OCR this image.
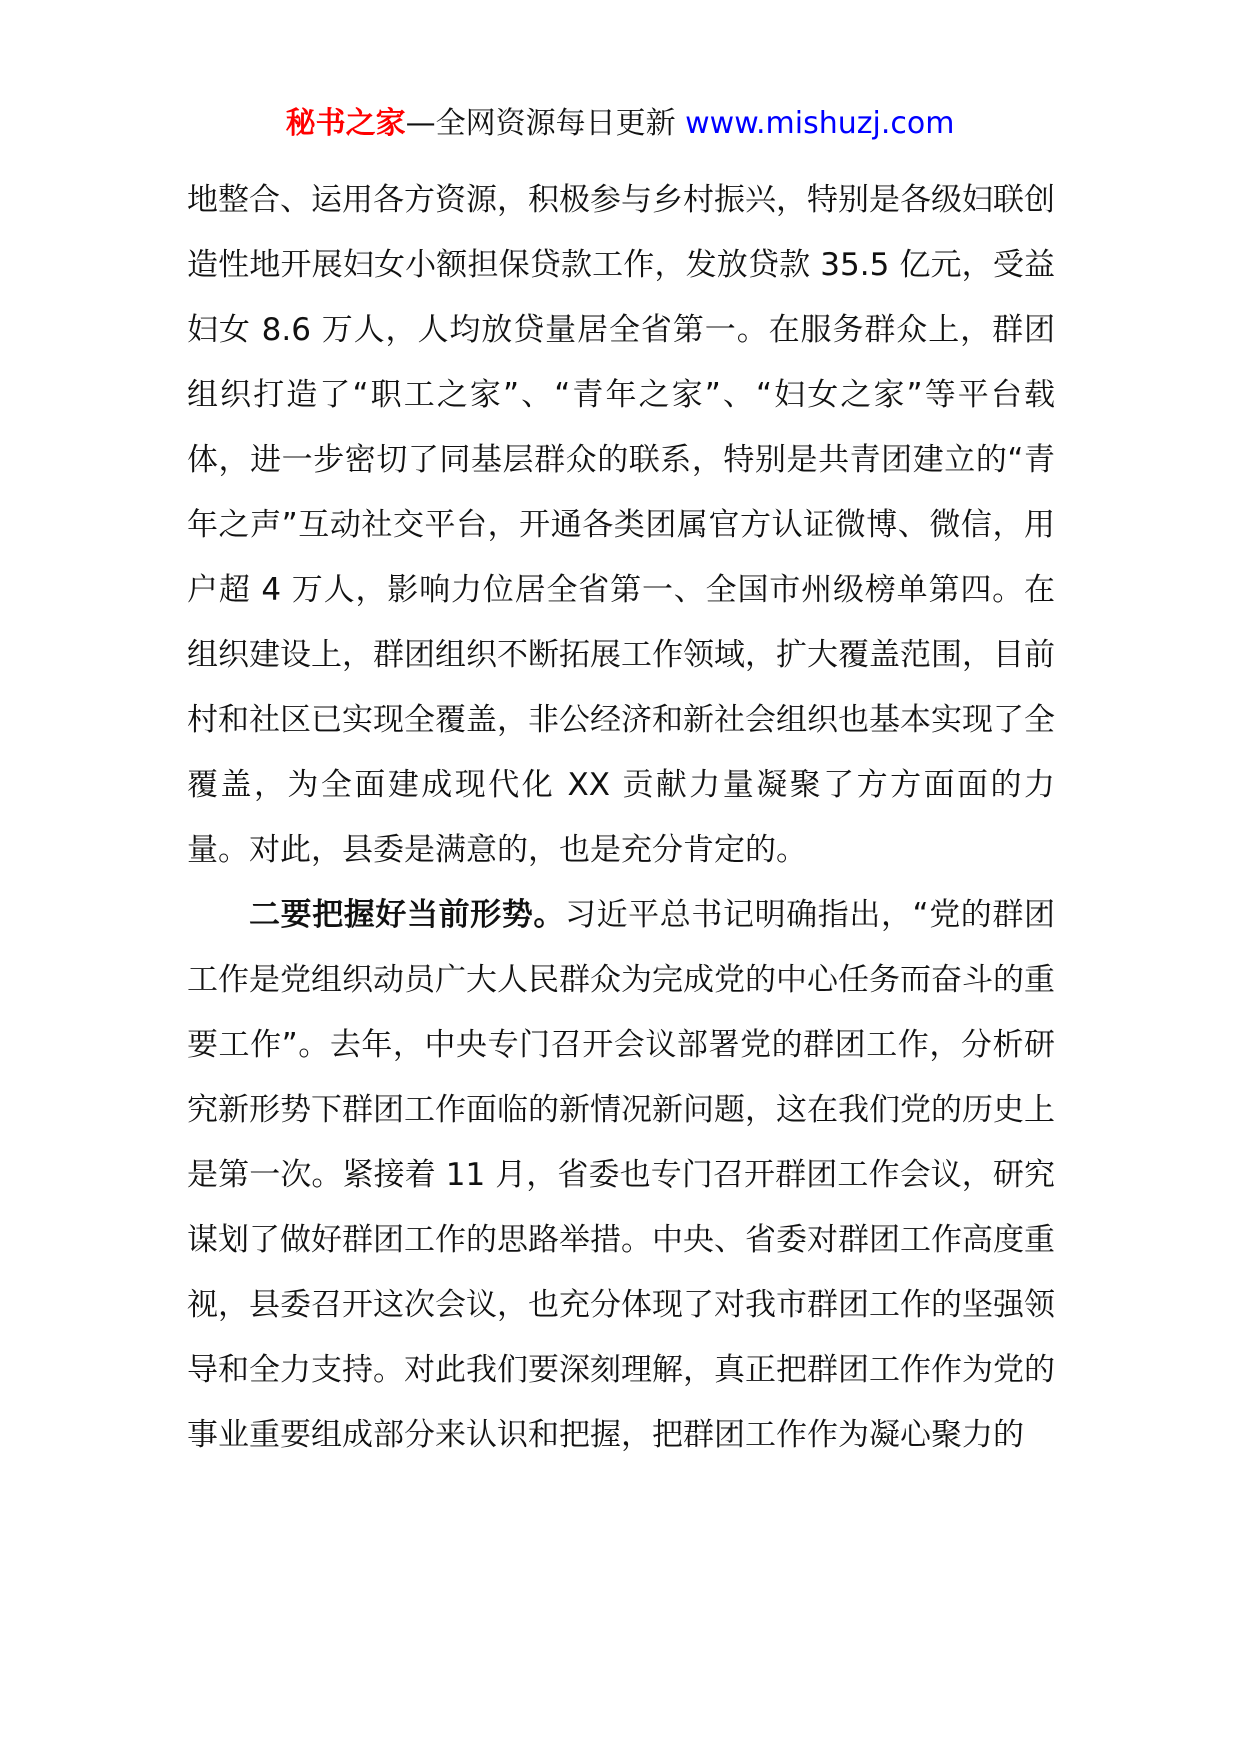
秘书之家—全网资源每日更新 www.mishuzj.com

地整合、运用各方资源，积极参与乡村振兴，特别是各级妇联创造性地开展妇女小额担保贷款工作，发放贷款 35.5 亿元，受益妇女 8.6 万人，人均放贷量居全省第一。在服务群众上，群团组织打造了“职工之家”、“青年之家”、“妇女之家”等平台载体，进一步密切了同基层群众的联系，特别是共青团建立的“青年之声”互动社交平台，开通各类团属官方认证微博、微信，用户超 4 万人，影响力位居全省第一、全国市州级榜单第四。在组织建设上，群团组织不断拓展工作领域，扩大覆盖范围，目前村和社区已实现全覆盖，非公经济和新社会组织也基本实现了全覆盖，为全面建成现代化 XX 贡献力量凝聚了方方面面的力量。对此，县委是满意的，也是充分肯定的。

二要把握好当前形势。习近平总书记明确指出，“党的群团工作是党组织动员广大人民群众为完成党的中心任务而奋斗的重要工作”。去年，中央专门召开会议部署党的群团工作，分析研究新形势下群团工作面临的新情况新问题，这在我们党的历史上是第一次。紧接着 11 月，省委也专门召开群团工作会议，研究谋划了做好群团工作的思路举措。中央、省委对群团工作高度重视，县委召开这次会议，也充分体现了对我市群团工作的坚强领导和全力支持。对此我们要深刻理解，真正把群团工作作为党的事业重要组成部分来认识和把握，把群团工作作为凝心聚力的
